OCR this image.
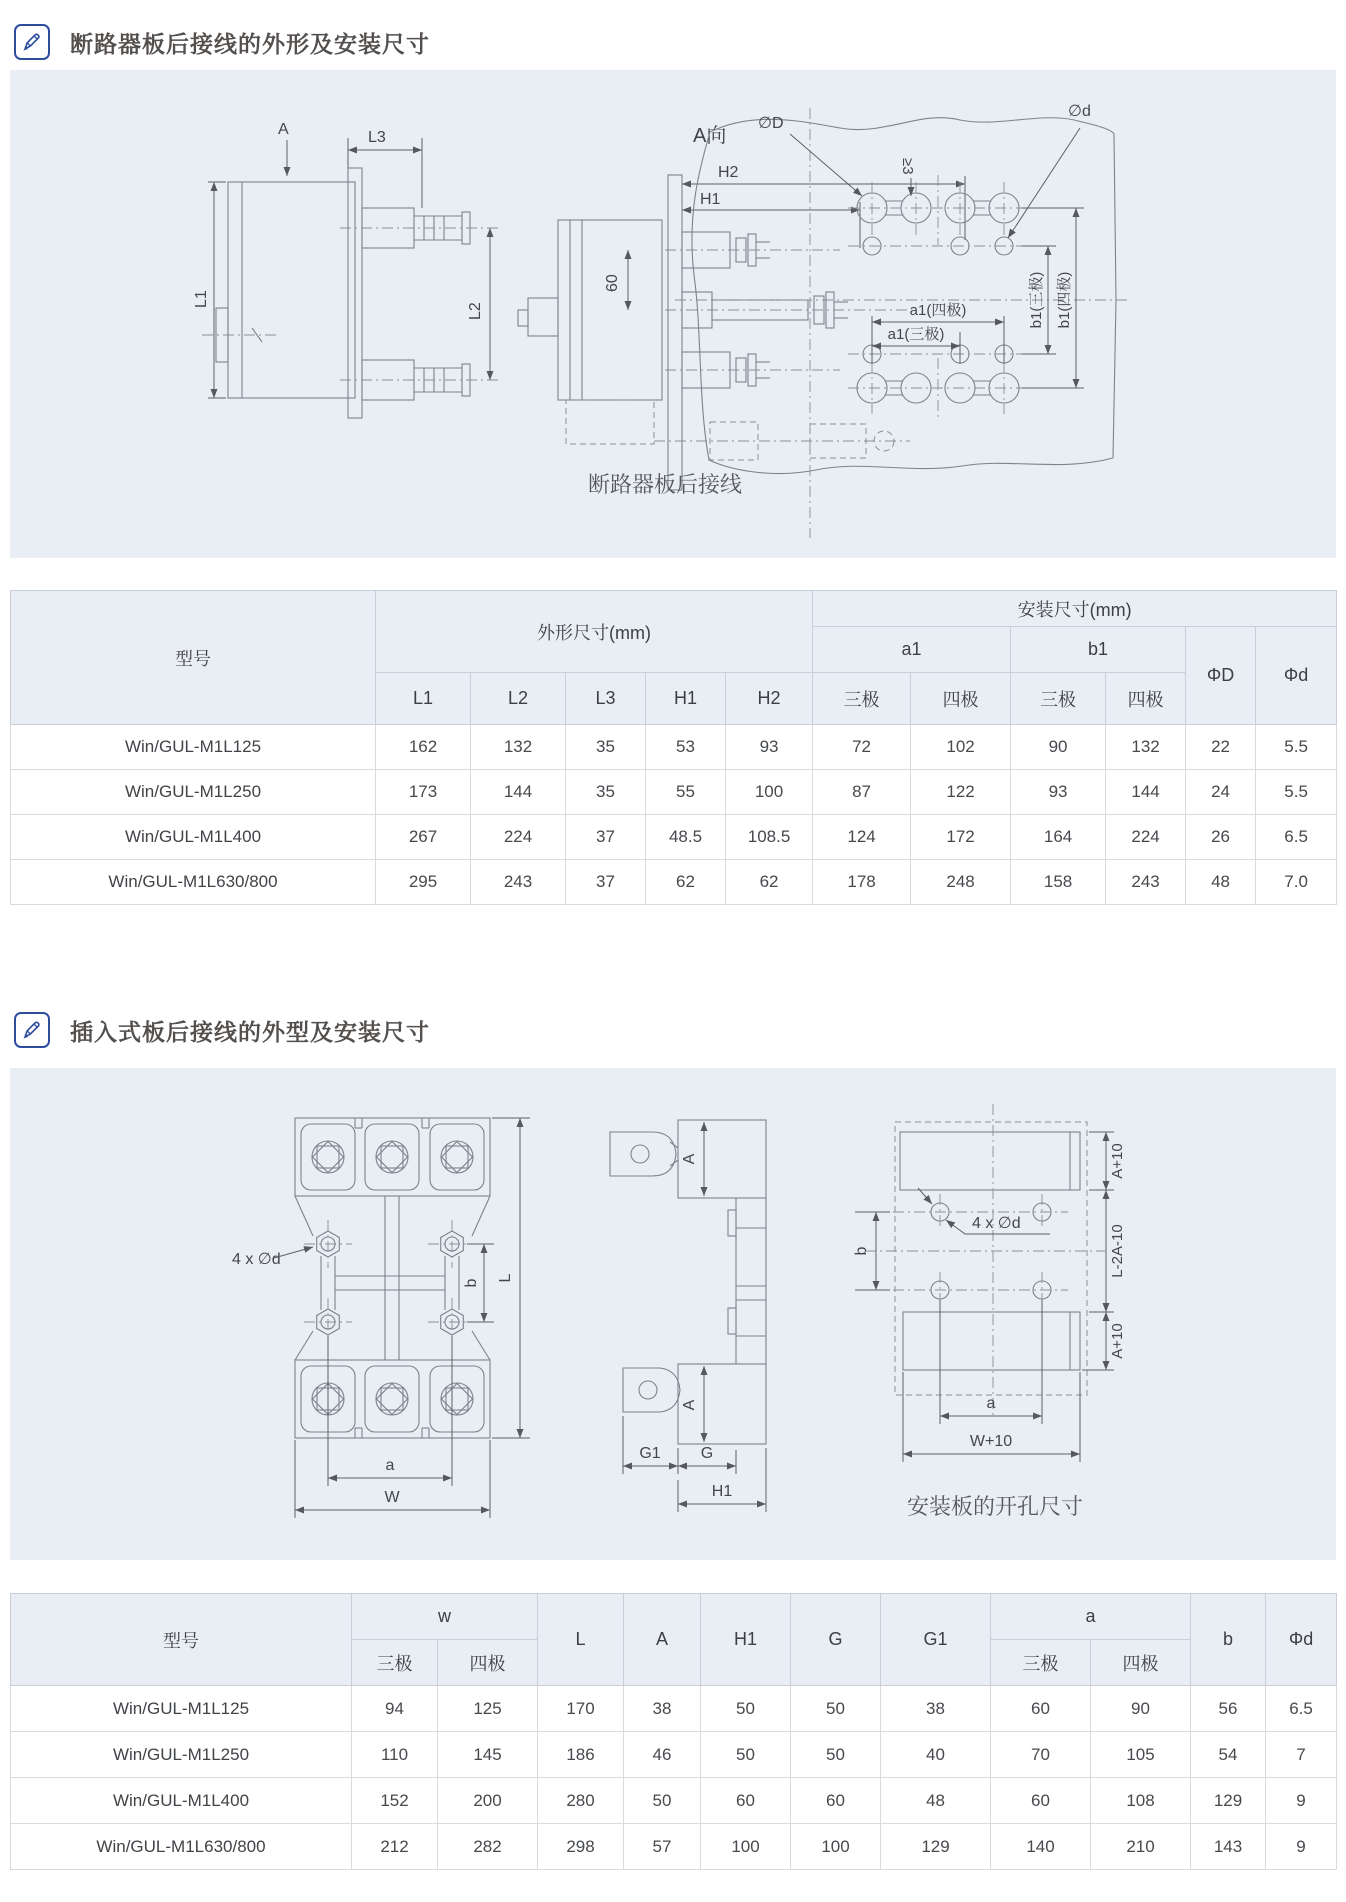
断路器板后接线的外形及安装尺寸
A	L3
L1
L2
A向
60
H2
H1
断路器板后接线
≥3
∅D
∅d
a1(四极)
a1(三极)
b1(三极) b1(四极)
型号	外形尺寸(mm)					安装尺寸(mm)					
						a1		b1		ΦD	Φd
	L1	L2	L3	H1	H2	三极	四极	三极	四极		
Win/GUL-M1L125	162	132	35	53	93	72	102	90	132	22	5.5
Win/GUL-M1L250	173	144	35	55	100	87	122	93	144	24	5.5
Win/GUL-M1L400	267	224	37	48.5	108.5	124	172	164	224	26	6.5
Win/GUL-M1L630/800	295	243	37	62	62	178	248	158	243	48	7.0
插入式板后接线的外型及安装尺寸
4 x ∅d
b
L
a
W
A
A
G1	G
H1
4 x ∅d
b
A+10
L-2A-10
A+10
a
W+10
安装板的开孔尺寸
型号	w		L	A	H1	G	G1	a		b	Φd
	三极	四极						三极	四极		
Win/GUL-M1L125	94	125	170	38	50	50	38	60	90	56	6.5
Win/GUL-M1L250	110	145	186	46	50	50	40	70	105	54	7
Win/GUL-M1L400	152	200	280	50	60	60	48	60	108	129	9
Win/GUL-M1L630/800	212	282	298	57	100	100	129	140	210	143	9
